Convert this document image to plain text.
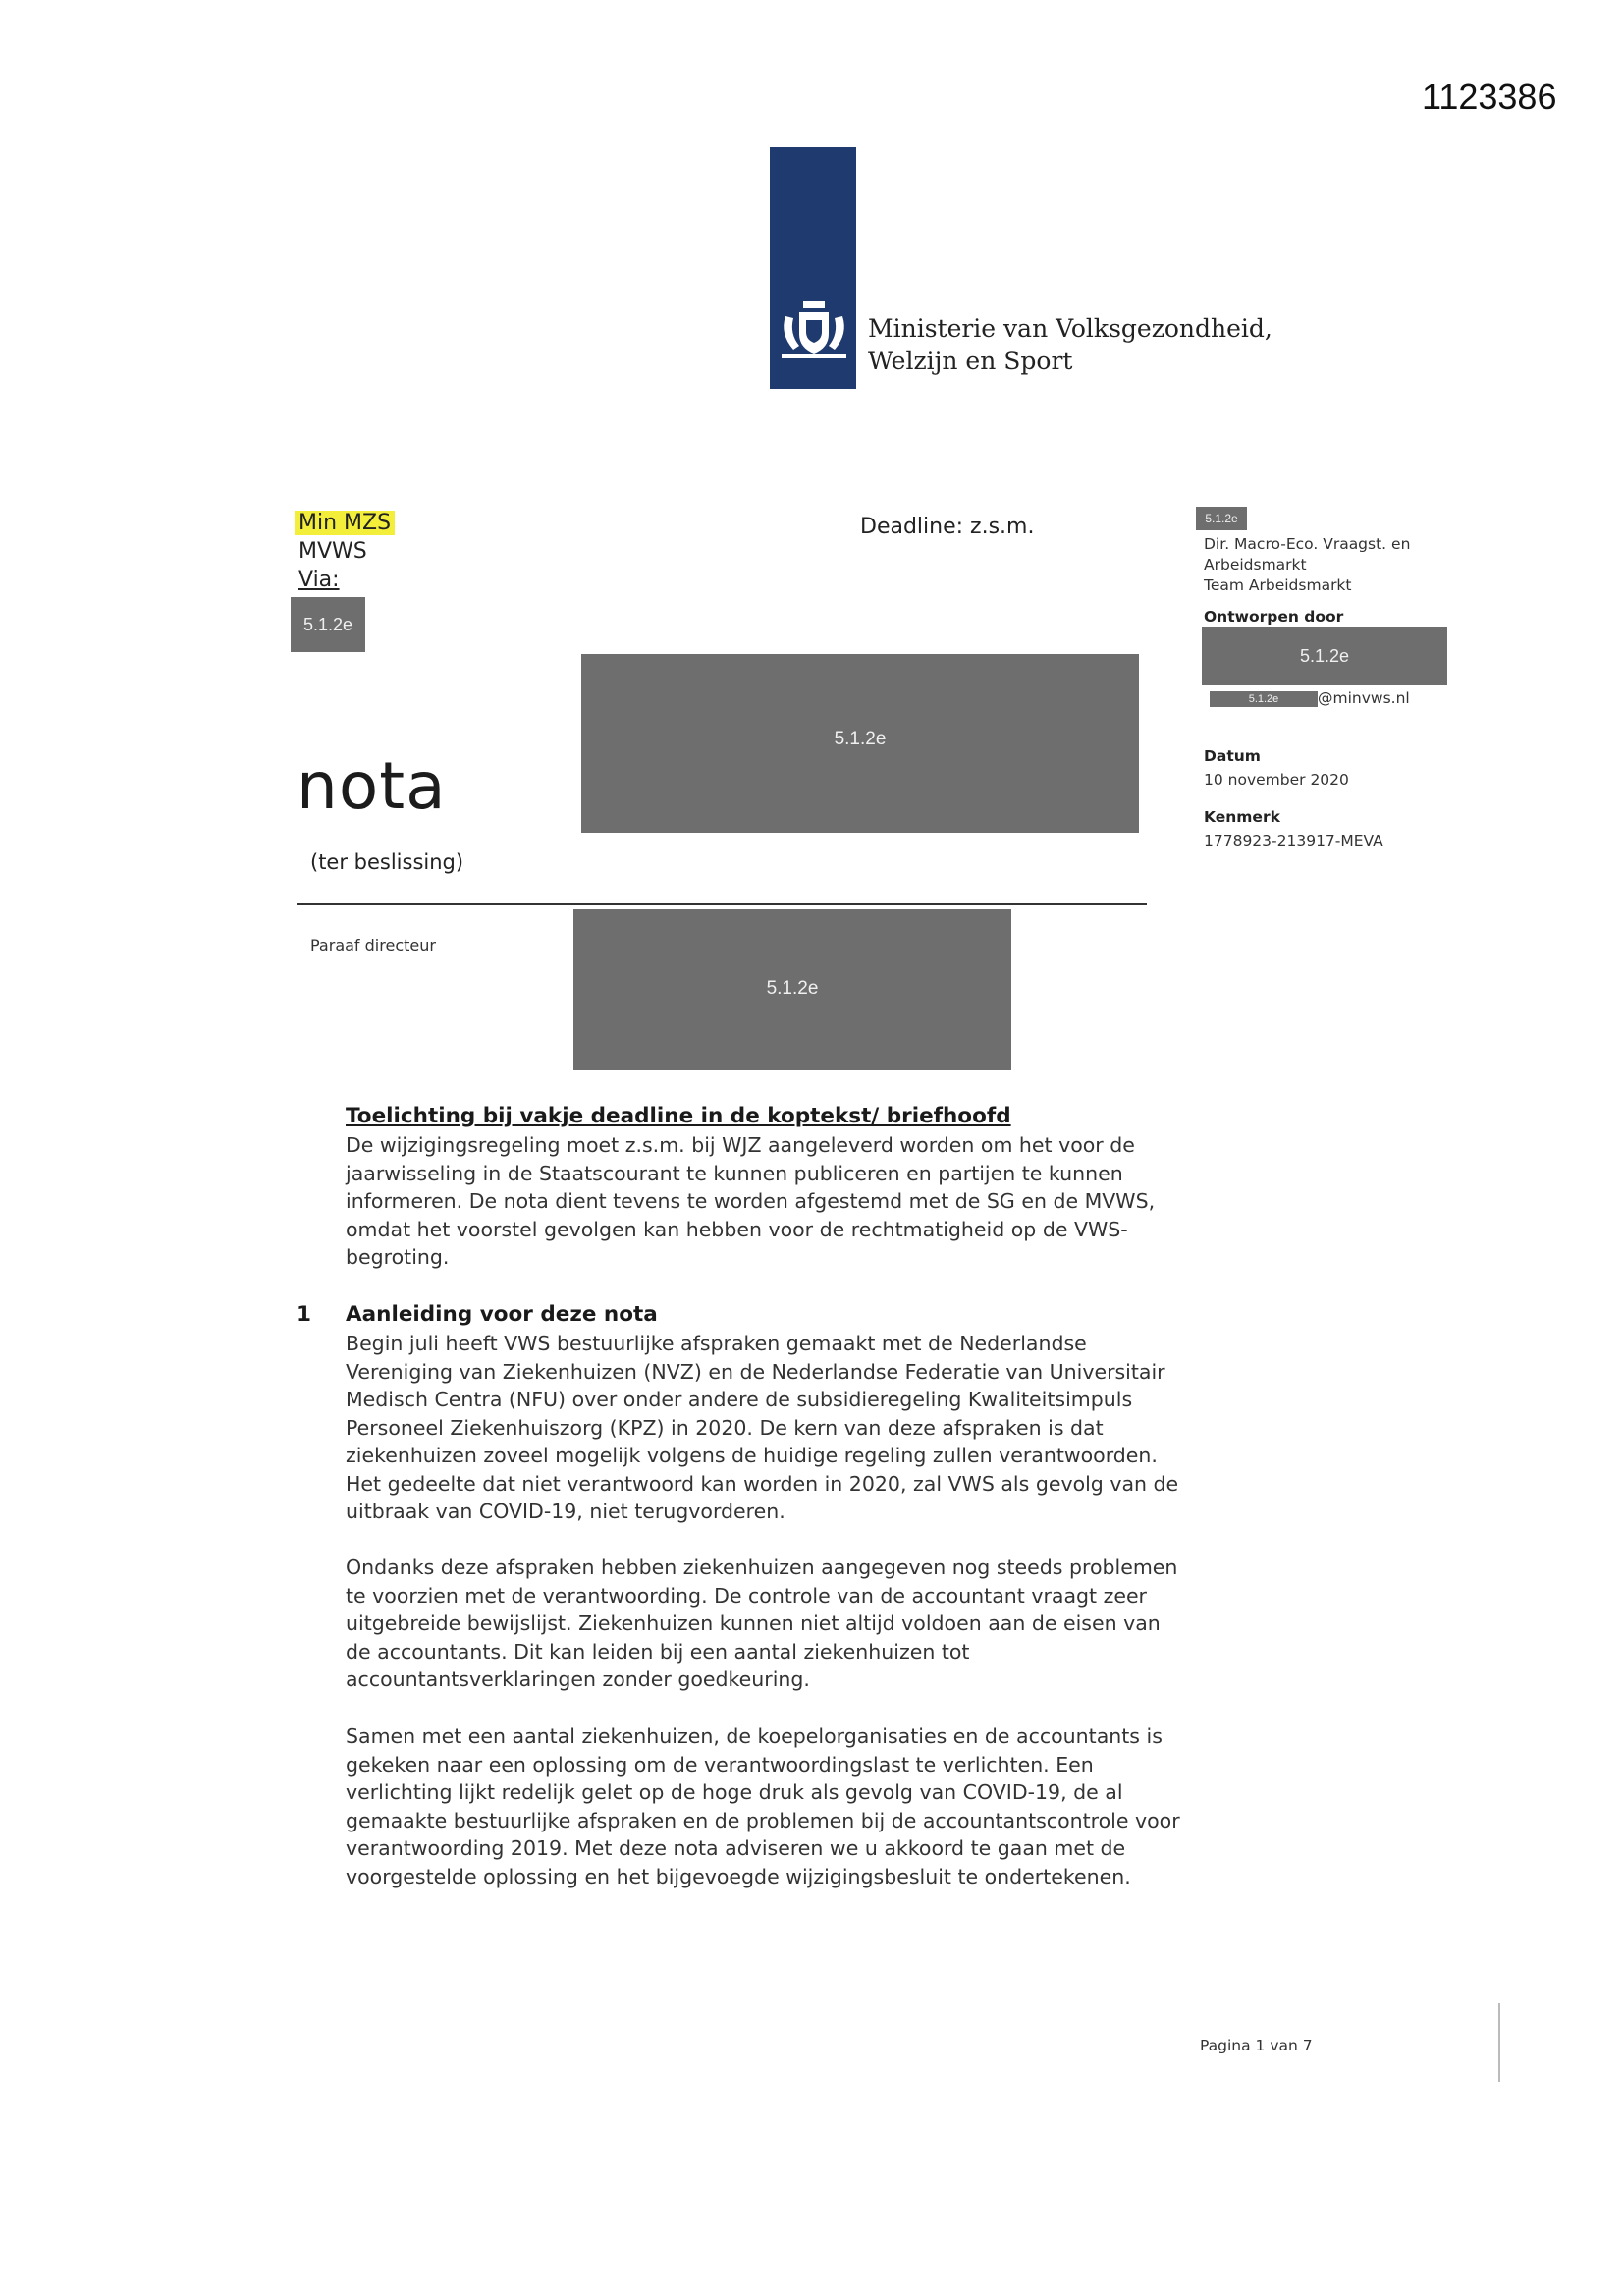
1123386
Ministerie van Volksgezondheid,
Welzijn en Sport
Min MZS
MVWS
Via:
5.1.2e
Deadline: z.s.m.
5.1.2e
5.1.2e
nota
(ter beslissing)
Paraaf directeur
5.1.2e
Dir. Macro-Eco. Vraagst. en
Arbeidsmarkt
Team Arbeidsmarkt
Ontworpen door
5.1.2e
5.1.2e	@minvws.nl
Datum
10 november 2020
Kenmerk
1778923-213917-MEVA
Toelichting bij vakje deadline in de koptekst/ briefhoofd
De wijzigingsregeling moet z.s.m. bij WJZ aangeleverd worden om het voor de jaarwisseling in de Staatscourant te kunnen publiceren en partijen te kunnen informeren. De nota dient tevens te worden afgestemd met de SG en de MVWS, omdat het voorstel gevolgen kan hebben voor de rechtmatigheid op de VWS-begroting.
1 Aanleiding voor deze nota
Begin juli heeft VWS bestuurlijke afspraken gemaakt met de Nederlandse Vereniging van Ziekenhuizen (NVZ) en de Nederlandse Federatie van Universitair Medisch Centra (NFU) over onder andere de subsidieregeling Kwaliteitsimpuls Personeel Ziekenhuiszorg (KPZ) in 2020. De kern van deze afspraken is dat ziekenhuizen zoveel mogelijk volgens de huidige regeling zullen verantwoorden. Het gedeelte dat niet verantwoord kan worden in 2020, zal VWS als gevolg van de uitbraak van COVID-19, niet terugvorderen.
Ondanks deze afspraken hebben ziekenhuizen aangegeven nog steeds problemen te voorzien met de verantwoording. De controle van de accountant vraagt zeer uitgebreide bewijslijst. Ziekenhuizen kunnen niet altijd voldoen aan de eisen van de accountants. Dit kan leiden bij een aantal ziekenhuizen tot accountantsverklaringen zonder goedkeuring.
Samen met een aantal ziekenhuizen, de koepelorganisaties en de accountants is gekeken naar een oplossing om de verantwoordingslast te verlichten. Een verlichting lijkt redelijk gelet op de hoge druk als gevolg van COVID-19, de al gemaakte bestuurlijke afspraken en de problemen bij de accountantscontrole voor verantwoording 2019. Met deze nota adviseren we u akkoord te gaan met de voorgestelde oplossing en het bijgevoegde wijzigingsbesluit te ondertekenen.
Pagina 1 van 7
